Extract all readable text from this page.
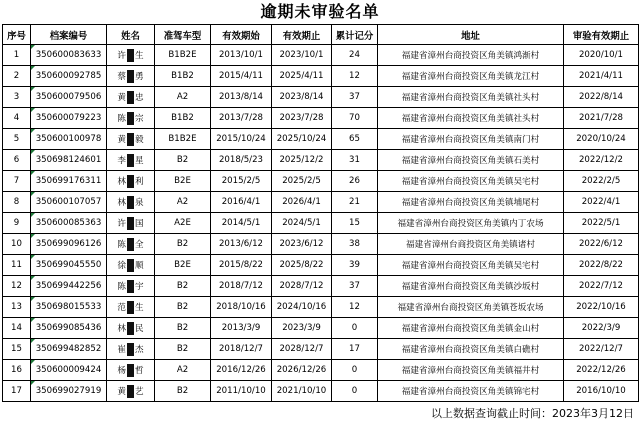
逾期未审验名单
序号	档案编号	姓名	准驾车型	有效期始	有效期止	累计记分	地址	审验有效期止
1	350600083633	许 生	B1B2E	2013/10/1	2023/10/1	24	福建省漳州台商投资区角美镇鸿渐村	2020/10/1
2	350600092785	蔡 勇	B1B2	2015/4/11	2025/4/11	12	福建省漳州台商投资区角美镇龙江村	2021/4/11
3	350600079506	黄 忠	A2	2013/8/14	2023/8/14	37	福建省漳州台商投资区角美镇社头村	2022/8/14
4	350600079223	陈 宗	B1B2	2013/7/28	2023/7/28	70	福建省漳州台商投资区角美镇社头村	2021/7/28
5	350600100978	黄 毅	B1B2E	2015/10/24	2025/10/24	65	福建省漳州台商投资区角美镇南门村	2020/10/24
6	350698124601	李 星	B2	2018/5/23	2025/12/2	31	福建省漳州台商投资区角美镇石美村	2022/12/2
7	350699176311	林 利	B2E	2015/2/5	2025/2/5	26	福建省漳州台商投资区角美镇吴宅村	2022/2/5
8	350600107057	林 泉	A2	2016/4/1	2026/4/1	21	福建省漳州台商投资区角美镇埔尾村	2022/4/1
9	350600085363	许 国	A2E	2014/5/1	2024/5/1	15	福建省漳州台商投资区角美镇内丁农场	2022/5/1
10	350699096126	陈 全	B2	2013/6/12	2023/6/12	38	福建省漳州台商投资区角美镇诸村	2022/6/12
11	350699045550	徐 顺	B2E	2015/8/22	2025/8/22	39	福建省漳州台商投资区角美镇吴宅村	2022/8/22
12	350699442256	陈 宇	B2	2018/7/12	2028/7/12	37	福建省漳州台商投资区角美镇沙坂村	2022/7/12
13	350698015533	范 生	B2	2018/10/16	2024/10/16	12	福建省漳州台商投资区角美镇苍坂农场	2022/10/16
14	350699085436	林 民	B2	2013/3/9	2023/3/9	0	福建省漳州台商投资区角美镇金山村	2022/3/9
15	350699482852	崔 杰	B2	2018/12/7	2028/12/7	17	福建省漳州台商投资区角美镇白礁村	2022/12/7
16	350600009424	杨 哲	A2	2016/12/26	2026/12/26	0	福建省漳州台商投资区角美镇福井村	2022/12/26
17	350699027919	黄 艺	B2	2011/10/10	2021/10/10	0	福建省漳州台商投资区角美镇锦宅村	2016/10/10
以上数据查询截止时间：2023年3月12日
